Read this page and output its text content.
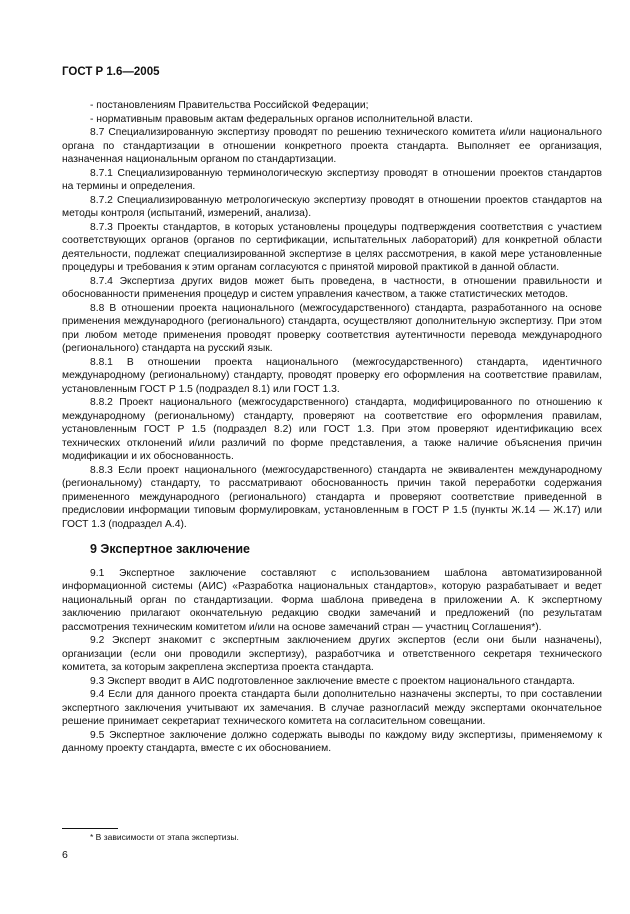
ГОСТ Р 1.6—2005

- постановлениям Правительства Российской Федерации;

- нормативным правовым актам федеральных органов исполнительной власти.

8.7 Специализированную экспертизу проводят по решению технического комитета и/или национального органа по стандартизации в отношении конкретного проекта стандарта. Выполняет ее организация, назначенная национальным органом по стандартизации.

8.7.1 Специализированную терминологическую экспертизу проводят в отношении проектов стандартов на термины и определения.

8.7.2 Специализированную метрологическую экспертизу проводят в отношении проектов стандартов на методы контроля (испытаний, измерений, анализа).

8.7.3 Проекты стандартов, в которых установлены процедуры подтверждения соответствия с участием соответствующих органов (органов по сертификации, испытательных лабораторий) для конкретной области деятельности, подлежат специализированной экспертизе в целях рассмотрения, в какой мере установленные процедуры и требования к этим органам согласуются с принятой мировой практикой в данной области.

8.7.4 Экспертиза других видов может быть проведена, в частности, в отношении правильности и обоснованности применения процедур и систем управления качеством, а также статистических методов.

8.8 В отношении проекта национального (межгосударственного) стандарта, разработанного на основе применения международного (регионального) стандарта, осуществляют дополнительную экспертизу. При этом при любом методе применения проводят проверку соответствия аутентичности перевода международного (регионального) стандарта на русский язык.

8.8.1 В отношении проекта национального (межгосударственного) стандарта, идентичного международному (региональному) стандарту, проводят проверку его оформления на соответствие правилам, установленным ГОСТ Р 1.5 (подраздел 8.1) или ГОСТ 1.3.

8.8.2 Проект национального (межгосударственного) стандарта, модифицированного по отношению к международному (региональному) стандарту, проверяют на соответствие его оформления правилам, установленным ГОСТ Р 1.5 (подраздел 8.2) или ГОСТ 1.3. При этом проверяют идентификацию всех технических отклонений и/или различий по форме представления, а также наличие объяснения причин модификации и их обоснованность.

8.8.3 Если проект национального (межгосударственного) стандарта не эквивалентен международному (региональному) стандарту, то рассматривают обоснованность причин такой переработки содержания примененного международного (регионального) стандарта и проверяют соответствие приведенной в предисловии информации типовым формулировкам, установленным в ГОСТ Р 1.5 (пункты Ж.14 — Ж.17) или ГОСТ 1.3 (подраздел А.4).

9 Экспертное заключение

9.1 Экспертное заключение составляют с использованием шаблона автоматизированной информационной системы (АИС) «Разработка национальных стандартов», которую разрабатывает и ведет национальный орган по стандартизации. Форма шаблона приведена в приложении А. К экспертному заключению прилагают окончательную редакцию сводки замечаний и предложений (по результатам рассмотрения техническим комитетом и/или на основе замечаний стран — участниц Соглашения*).

9.2 Эксперт знакомит с экспертным заключением других экспертов (если они были назначены), организации (если они проводили экспертизу), разработчика и ответственного секретаря технического комитета, за которым закреплена экспертиза проекта стандарта.

9.3 Эксперт вводит в АИС подготовленное заключение вместе с проектом национального стандарта.

9.4 Если для данного проекта стандарта были дополнительно назначены эксперты, то при составлении экспертного заключения учитывают их замечания. В случае разногласий между экспертами окончательное решение принимает секретариат технического комитета на согласительном совещании.

9.5 Экспертное заключение должно содержать выводы по каждому виду экспертизы, применяемому к данному проекту стандарта, вместе с их обоснованием.

* В зависимости от этапа экспертизы.
6
